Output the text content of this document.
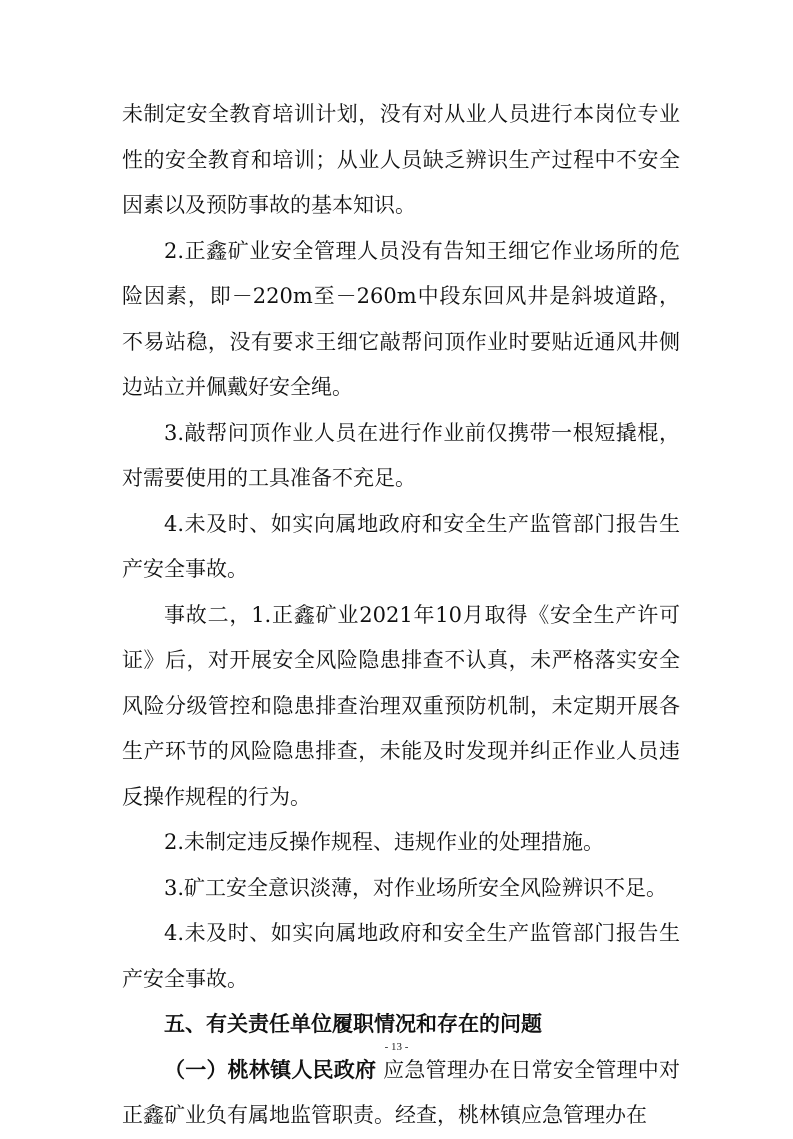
未制定安全教育培训计划，没有对从业人员进行本岗位专业性的安全教育和培训；从业人员缺乏辨识生产过程中不安全因素以及预防事故的基本知识。

2.正鑫矿业安全管理人员没有告知王细它作业场所的危险因素，即－220m至－260m中段东回风井是斜坡道路，不易站稳，没有要求王细它敲帮问顶作业时要贴近通风井侧边站立并佩戴好安全绳。

3.敲帮问顶作业人员在进行作业前仅携带一根短撬棍，对需要使用的工具准备不充足。

4.未及时、如实向属地政府和安全生产监管部门报告生产安全事故。

事故二，1.正鑫矿业2021年10月取得《安全生产许可证》后，对开展安全风险隐患排查不认真，未严格落实安全风险分级管控和隐患排查治理双重预防机制，未定期开展各生产环节的风险隐患排查，未能及时发现并纠正作业人员违反操作规程的行为。

2.未制定违反操作规程、违规作业的处理措施。

3.矿工安全意识淡薄，对作业场所安全风险辨识不足。

4.未及时、如实向属地政府和安全生产监管部门报告生产安全事故。

五、有关责任单位履职情况和存在的问题

（一）桃林镇人民政府 应急管理办在日常安全管理中对正鑫矿业负有属地监管职责。经查，桃林镇应急管理办在

- 13 -
